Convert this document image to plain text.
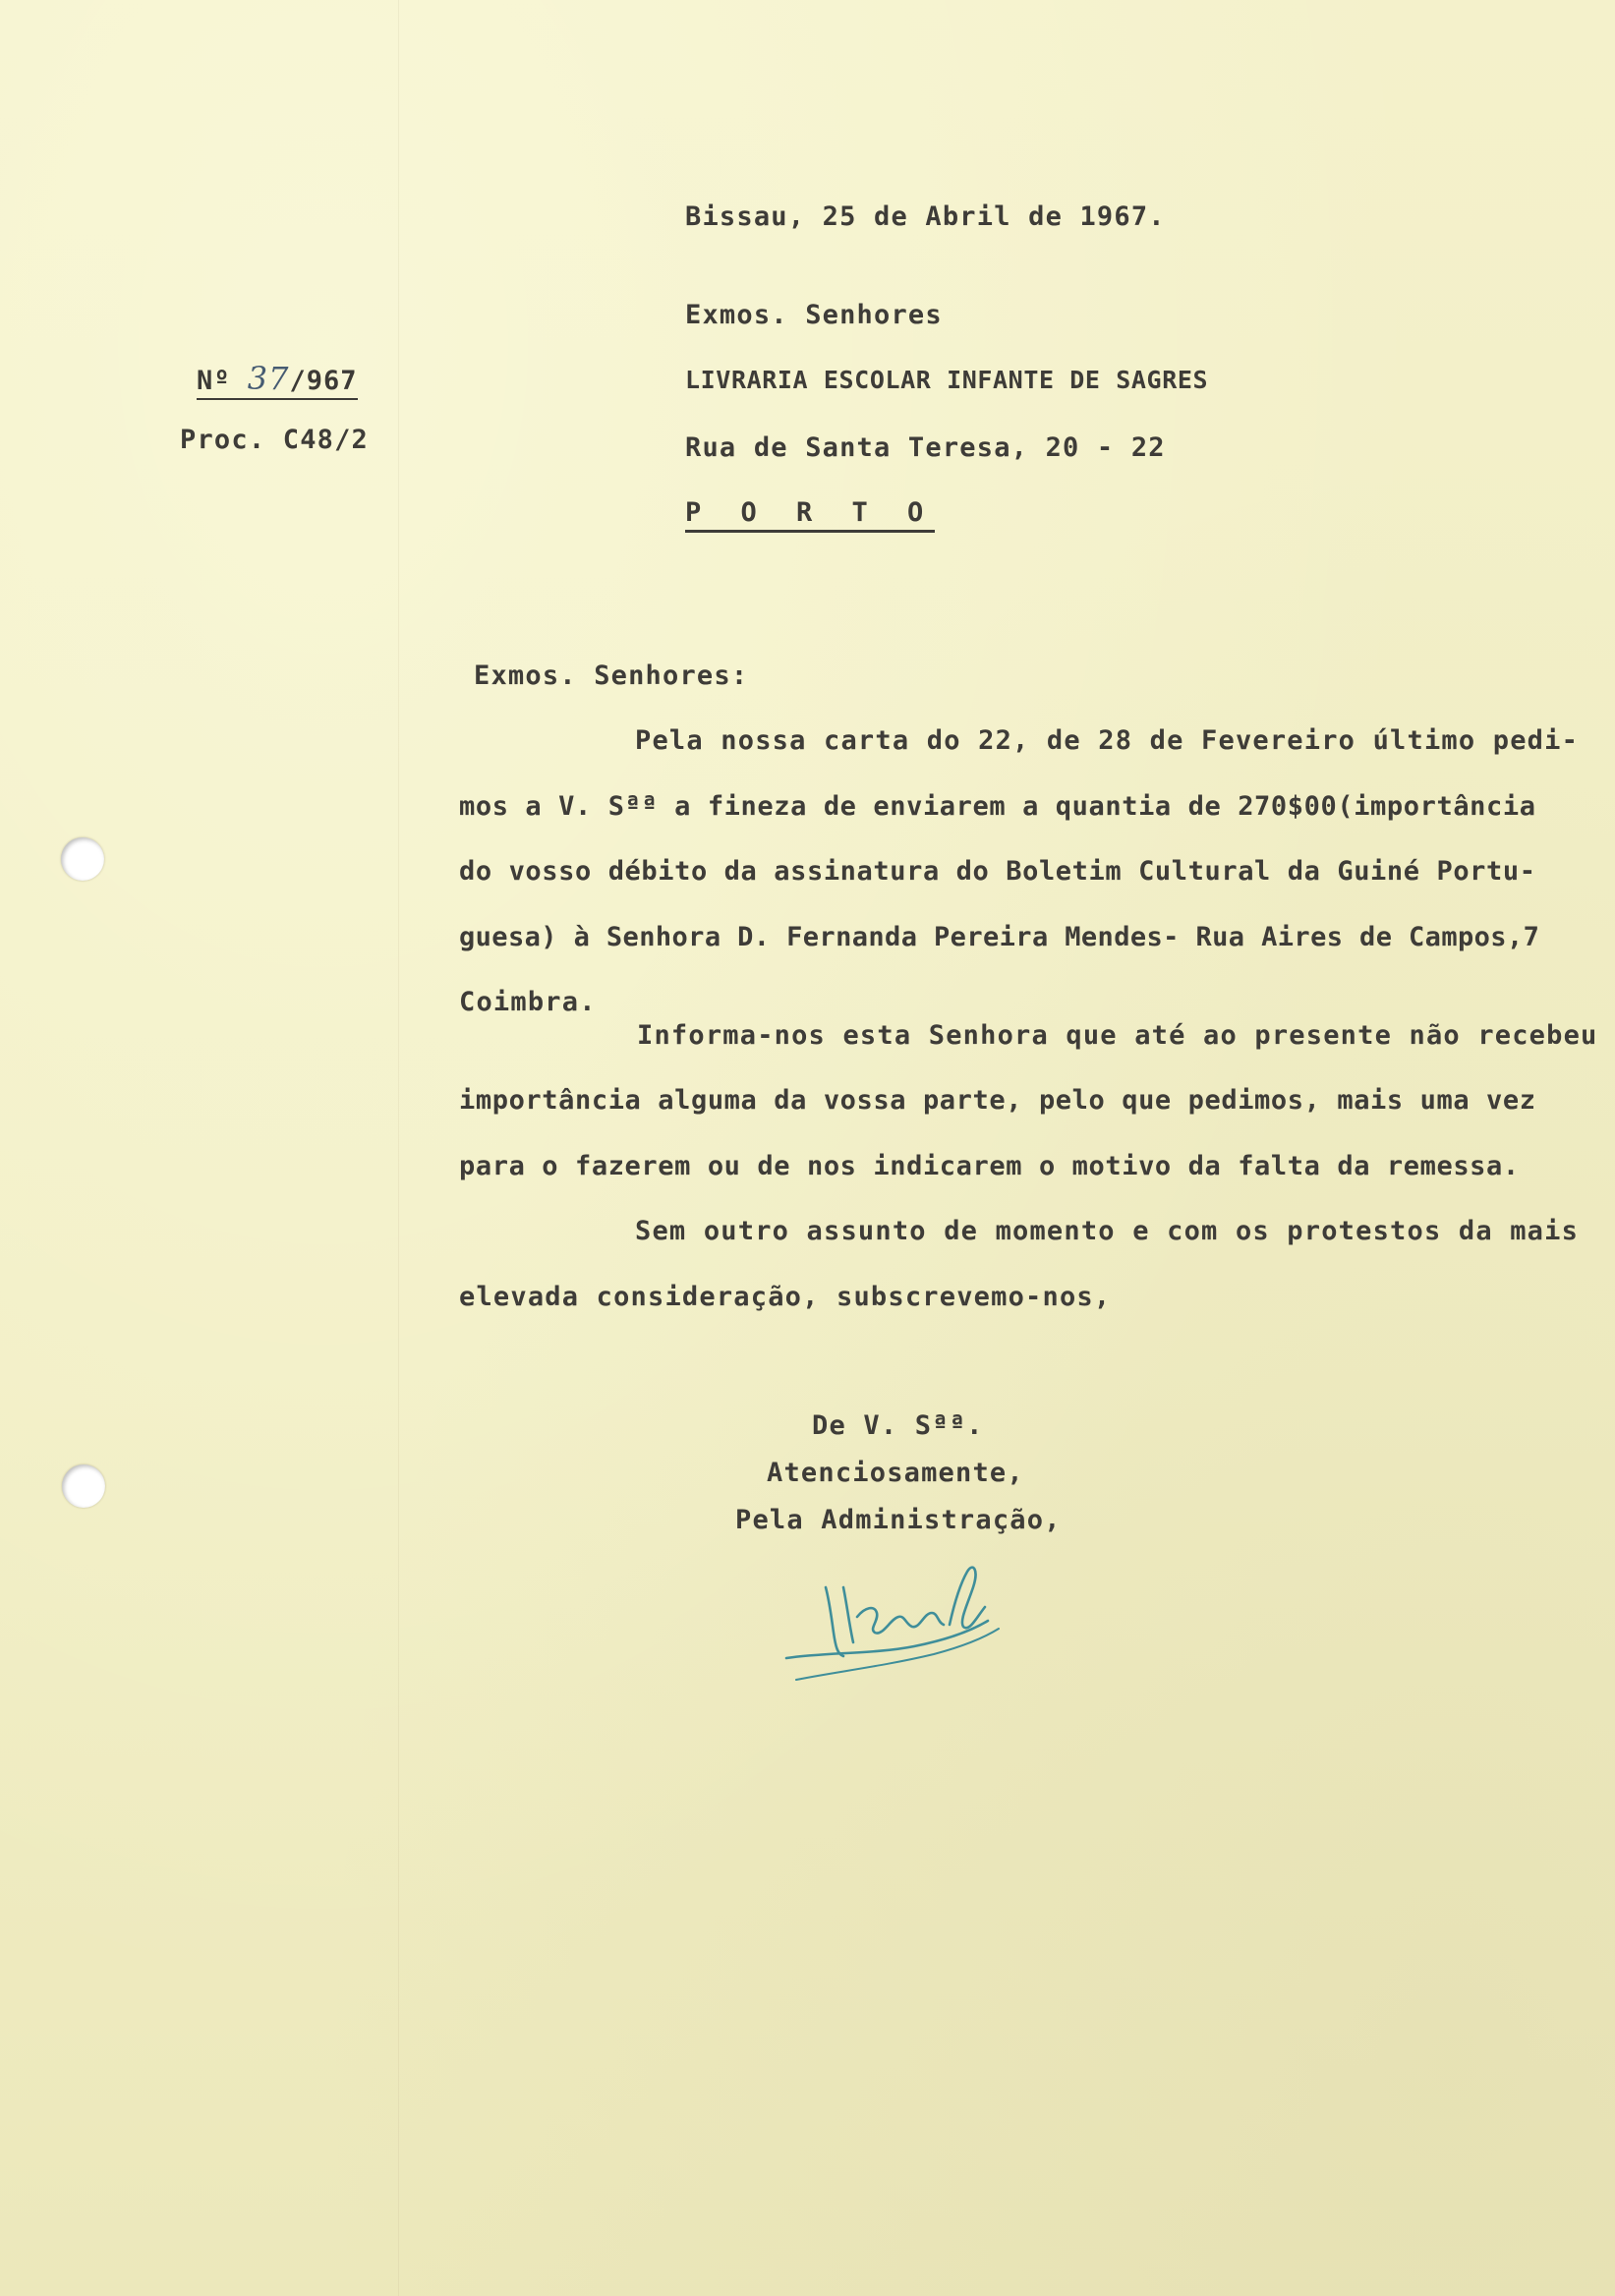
Bissau, 25 de Abril de 1967.
Exmos. Senhores
LIVRARIA ESCOLAR INFANTE DE SAGRES
Rua de Santa Teresa, 20 - 22
P O R T O
Nº 37/967
Proc. C48/2
Exmos. Senhores:
Pela nossa carta do 22, de 28 de Fevereiro último pedi-
mos a V. Sªª a fineza de enviarem a quantia de 270$00(importância
do vosso débito da assinatura do Boletim Cultural da Guiné Portu-
guesa) à Senhora D. Fernanda Pereira Mendes- Rua Aires de Campos,7
Coimbra.
Informa-nos esta Senhora que até ao presente não recebeu
importância alguma da vossa parte, pelo que pedimos, mais uma vez
para o fazerem ou de nos indicarem o motivo da falta da remessa.
Sem outro assunto de momento e com os protestos da mais
elevada consideração, subscrevemo-nos,
De V. Sªª.
Atenciosamente,
Pela Administração,
